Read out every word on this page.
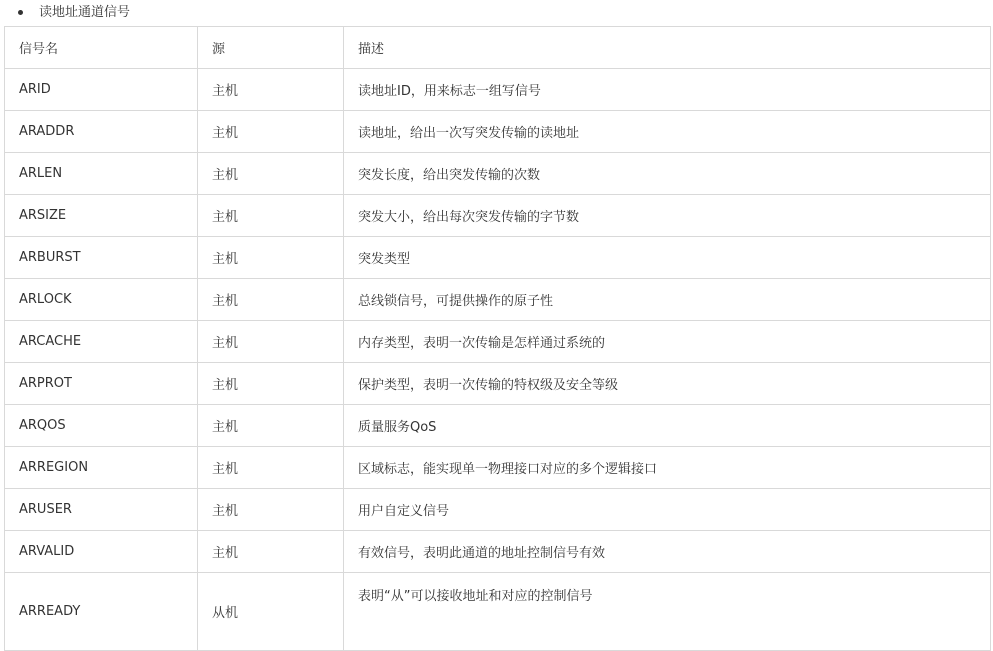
读地址通道信号
信号名	源	描述
ARID	主机	读地址ID，用来标志一组写信号
ARADDR	主机	读地址，给出一次写突发传输的读地址
ARLEN	主机	突发长度，给出突发传输的次数
ARSIZE	主机	突发大小，给出每次突发传输的字节数
ARBURST	主机	突发类型
ARLOCK	主机	总线锁信号，可提供操作的原子性
ARCACHE	主机	内存类型，表明一次传输是怎样通过系统的
ARPROT	主机	保护类型，表明一次传输的特权级及安全等级
ARQOS	主机	质量服务QoS
ARREGION	主机	区域标志，能实现单一物理接口对应的多个逻辑接口
ARUSER	主机	用户自定义信号
ARVALID	主机	有效信号，表明此通道的地址控制信号有效
ARREADY	从机	表明“从”可以接收地址和对应的控制信号
